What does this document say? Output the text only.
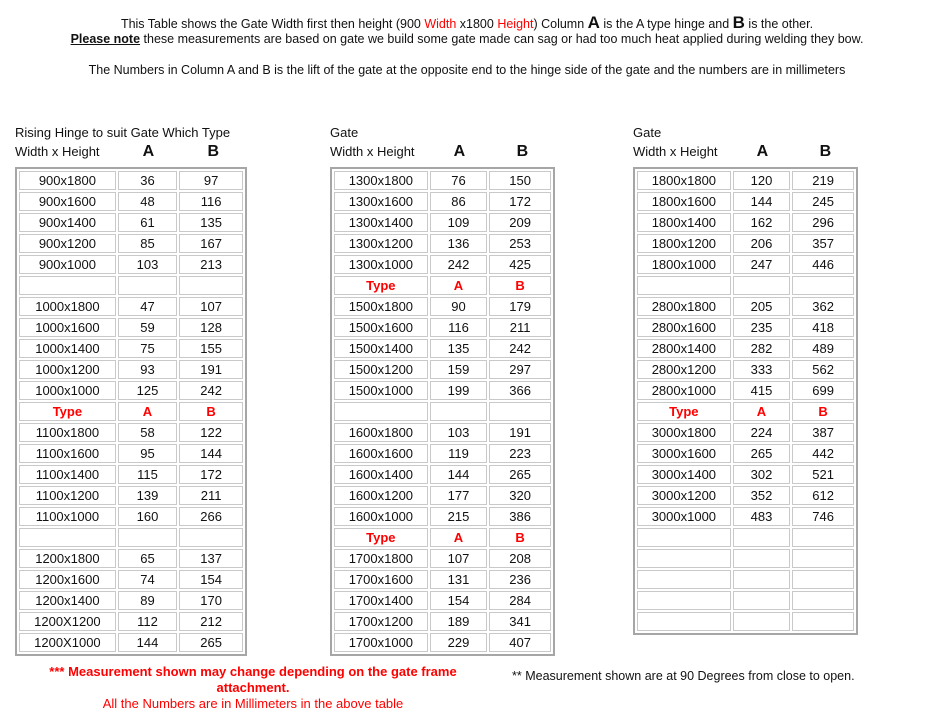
This Table shows the Gate Width first then height (900 Width x1800 Height) Column A is the A type hinge and B is the other.

Please note these measurements are based on gate we build some gate made can sag or had too much heat applied during welding they bow.

The Numbers in Column A and B is the lift of the gate at the opposite end to the hinge side of the gate and the numbers are in millimeters

Rising Hinge to suit Gate Which Type
Width x Height	A	B
900x1800	36	97
900x1600	48	116
900x1400	61	135
900x1200	85	167
900x1000	103	213

1000x1800	47	107
1000x1600	59	128
1000x1400	75	155
1000x1200	93	191
1000x1000	125	242
Type	A	B
1100x1800	58	122
1100x1600	95	144
1100x1400	115	172
1100x1200	139	211
1100x1000	160	266

1200x1800	65	137
1200x1600	74	154
1200x1400	89	170
1200X1200	112	212
1200X1000	144	265
Gate
Width x Height	A	B
1300x1800	76	150
1300x1600	86	172
1300x1400	109	209
1300x1200	136	253
1300x1000	242	425
Type	A	B
1500x1800	90	179
1500x1600	116	211
1500x1400	135	242
1500x1200	159	297
1500x1000	199	366

1600x1800	103	191
1600x1600	119	223
1600x1400	144	265
1600x1200	177	320
1600x1000	215	386
Type	A	B
1700x1800	107	208
1700x1600	131	236
1700x1400	154	284
1700x1200	189	341
1700x1000	229	407
Gate
Width x Height	A	B
1800x1800	120	219
1800x1600	144	245
1800x1400	162	296
1800x1200	206	357
1800x1000	247	446

2800x1800	205	362
2800x1600	235	418
2800x1400	282	489
2800x1200	333	562
2800x1000	415	699
Type	A	B
3000x1800	224	387
3000x1600	265	442
3000x1400	302	521
3000x1200	352	612
3000x1000	483	746

*** Measurement shown may change depending on the gate frame attachment.
All the Numbers are in Millimeters in the above table
** Measurement shown are at 90 Degrees from close to open.
